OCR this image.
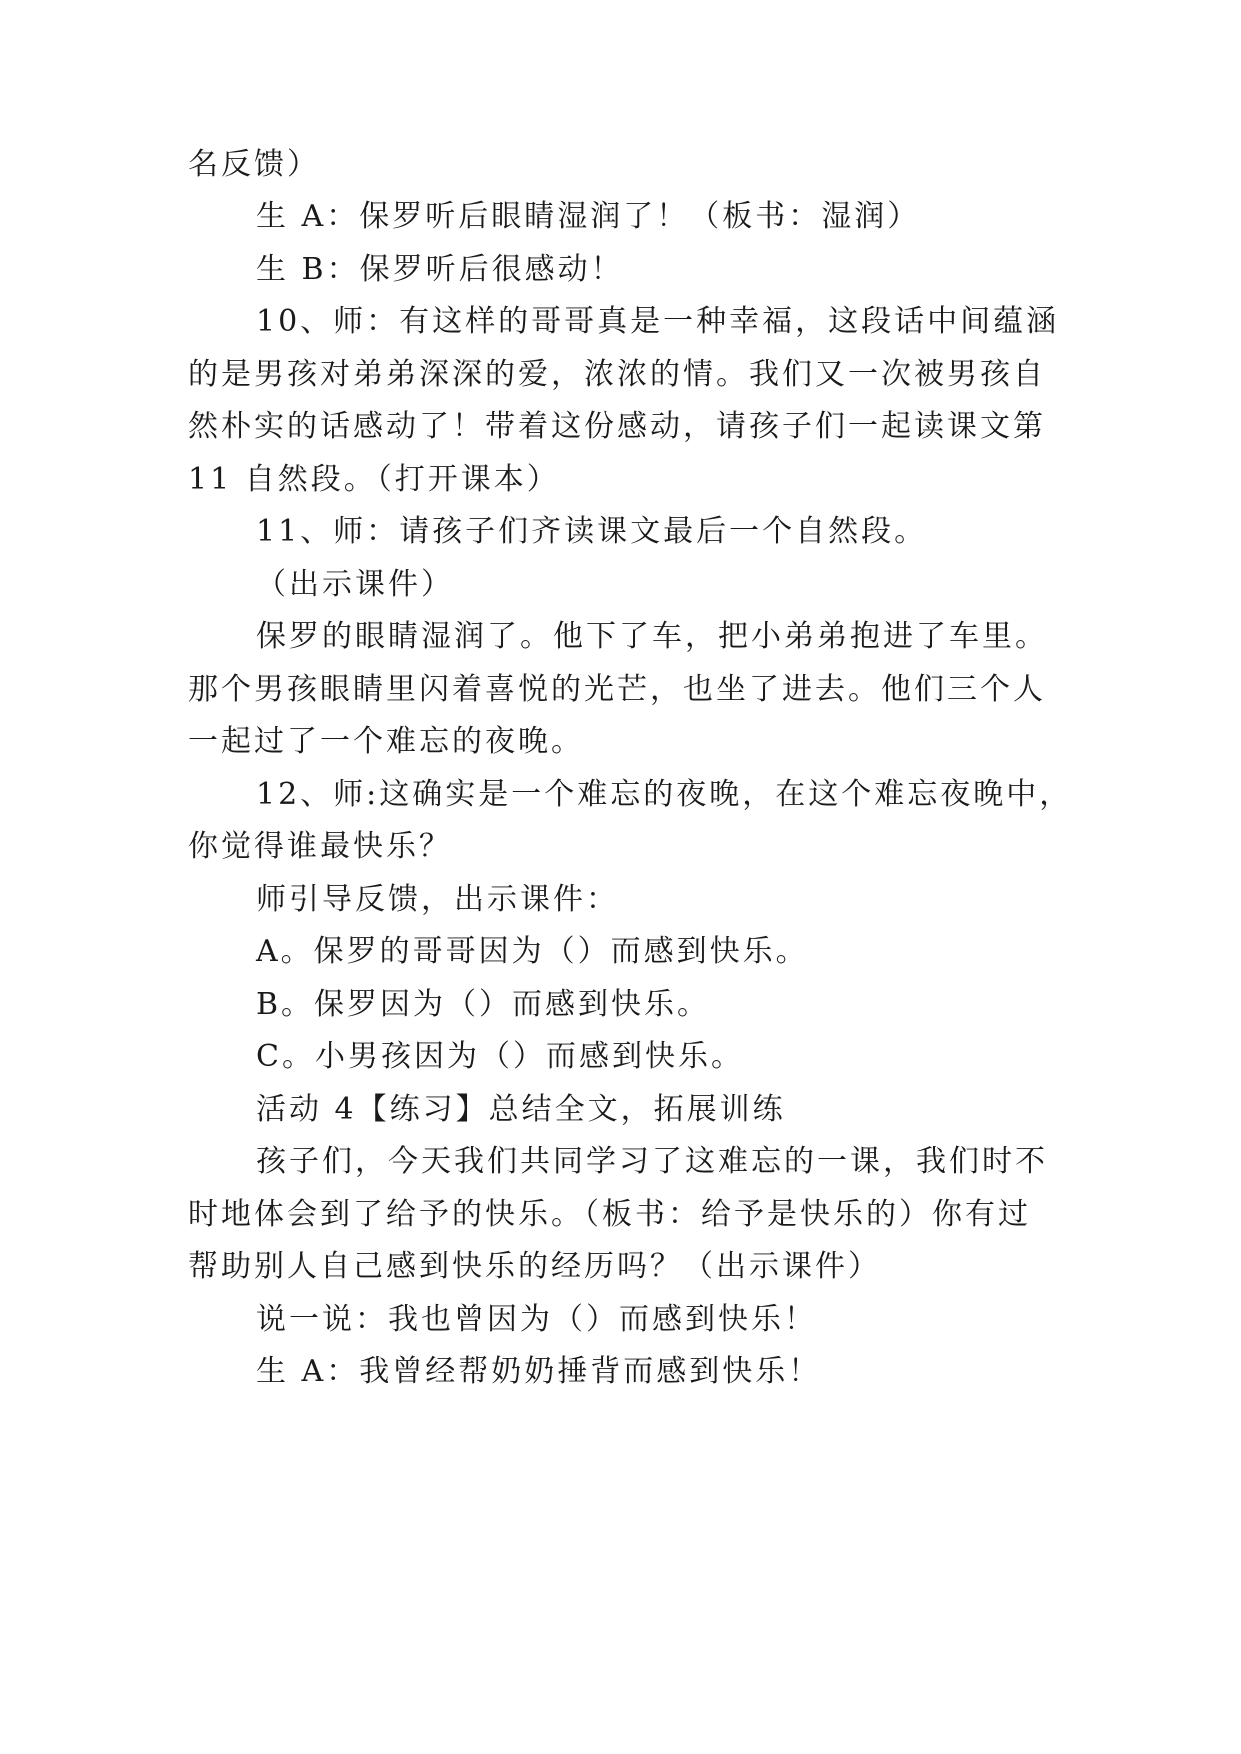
名反馈）
生 A：保罗听后眼睛湿润了！（板书：湿润）
生 B：保罗听后很感动！
10、师：有这样的哥哥真是一种幸福，这段话中间蕴涵
的是男孩对弟弟深深的爱，浓浓的情。我们又一次被男孩自
然朴实的话感动了！带着这份感动，请孩子们一起读课文第
11 自然段。（打开课本）
11、师：请孩子们齐读课文最后一个自然段。
（出示课件）
保罗的眼睛湿润了。他下了车，把小弟弟抱进了车里。
那个男孩眼睛里闪着喜悦的光芒，也坐了进去。他们三个人
一起过了一个难忘的夜晚。
12、师:这确实是一个难忘的夜晚，在这个难忘夜晚中，
你觉得谁最快乐？
师引导反馈，出示课件：
A。保罗的哥哥因为（）而感到快乐。
B。保罗因为（）而感到快乐。
C。小男孩因为（）而感到快乐。
活动 4【练习】总结全文，拓展训练
孩子们，今天我们共同学习了这难忘的一课，我们时不
时地体会到了给予的快乐。（板书：给予是快乐的）你有过
帮助别人自己感到快乐的经历吗？（出示课件）
说一说：我也曾因为（）而感到快乐！
生 A：我曾经帮奶奶捶背而感到快乐！
